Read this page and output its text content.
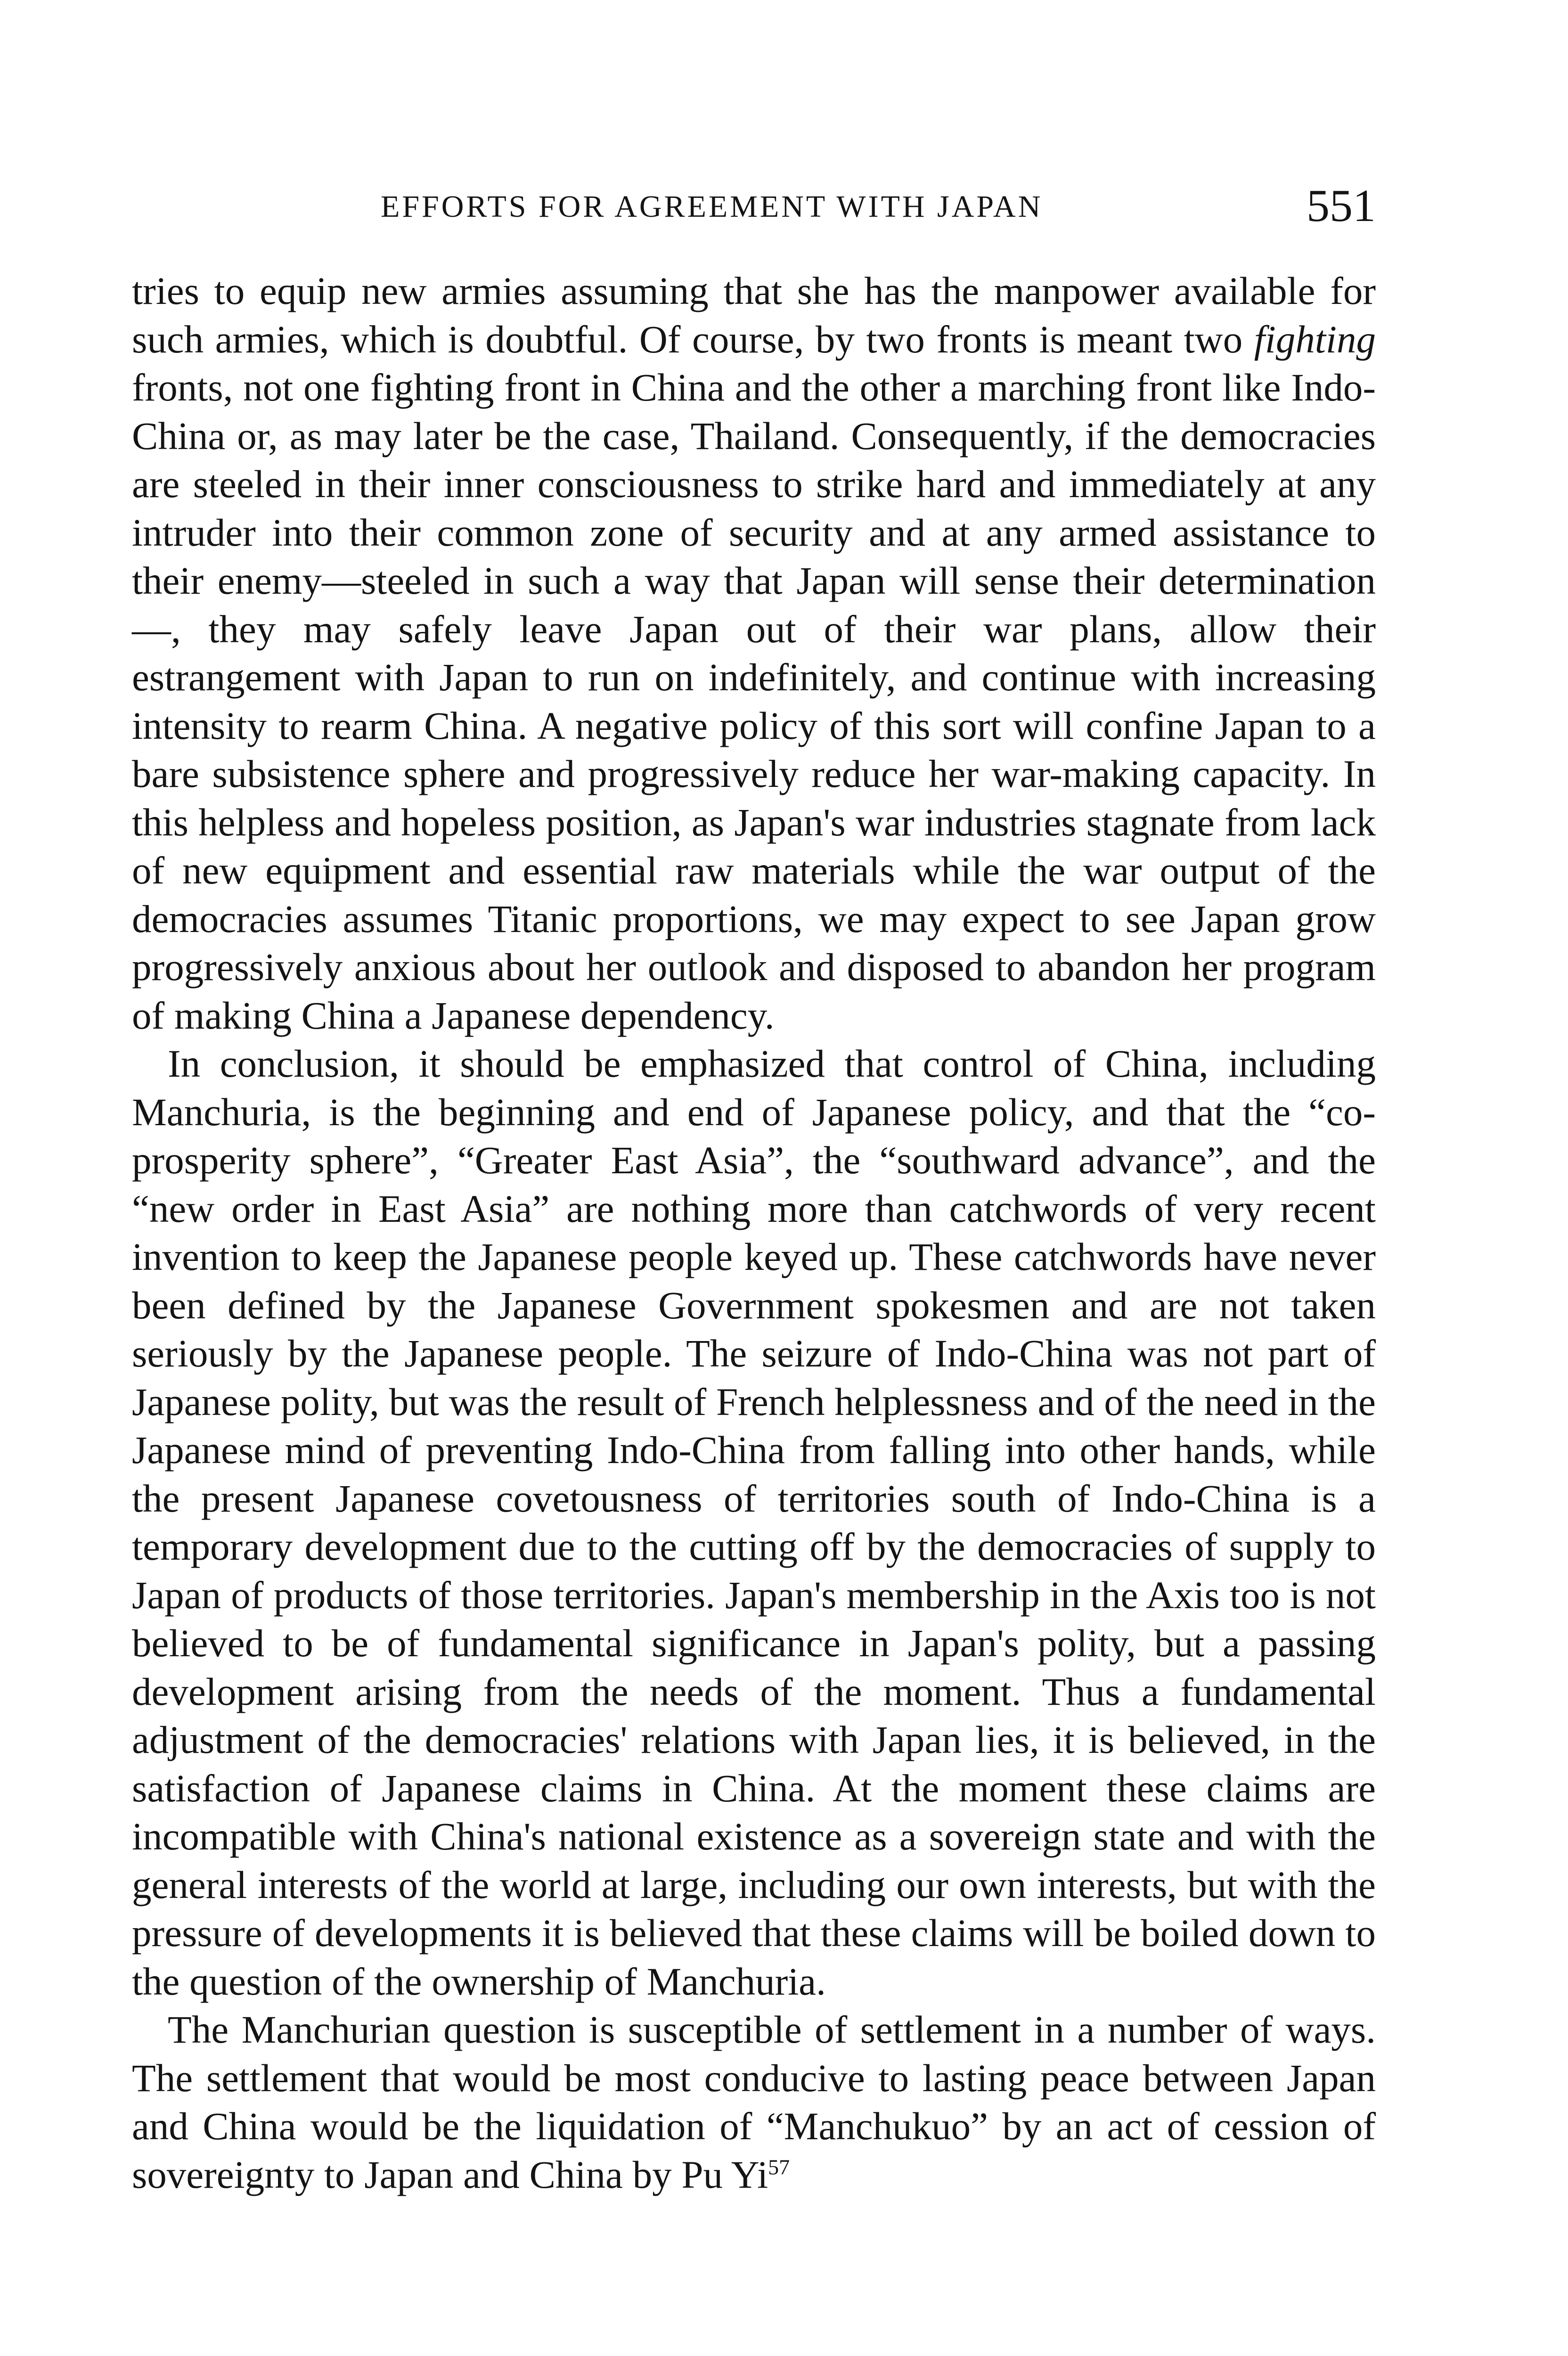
EFFORTS FOR AGREEMENT WITH JAPAN	551

tries to equip new armies assuming that she has the manpower available for such armies, which is doubtful. Of course, by two fronts is meant two fighting fronts, not one fighting front in China and the other a marching front like Indo-China or, as may later be the case, Thailand. Consequently, if the democracies are steeled in their inner consciousness to strike hard and immediately at any intruder into their common zone of security and at any armed assistance to their enemy—steeled in such a way that Japan will sense their determination—, they may safely leave Japan out of their war plans, allow their estrangement with Japan to run on indefinitely, and continue with increasing intensity to rearm China. A negative policy of this sort will confine Japan to a bare subsistence sphere and progressively reduce her war-making capacity. In this helpless and hopeless position, as Japan's war industries stagnate from lack of new equipment and essential raw materials while the war output of the democracies assumes Titanic proportions, we may expect to see Japan grow progressively anxious about her outlook and disposed to abandon her program of making China a Japanese dependency.

In conclusion, it should be emphasized that control of China, including Manchuria, is the beginning and end of Japanese policy, and that the “co-prosperity sphere”, “Greater East Asia”, the “southward advance”, and the “new order in East Asia” are nothing more than catchwords of very recent invention to keep the Japanese people keyed up. These catchwords have never been defined by the Japanese Government spokesmen and are not taken seriously by the Japanese people. The seizure of Indo-China was not part of Japanese polity, but was the result of French helplessness and of the need in the Japanese mind of preventing Indo-China from falling into other hands, while the present Japanese covetousness of territories south of Indo-China is a temporary development due to the cutting off by the democracies of supply to Japan of products of those territories. Japan's membership in the Axis too is not believed to be of fundamental significance in Japan's polity, but a passing development arising from the needs of the moment. Thus a fundamental adjustment of the democracies' relations with Japan lies, it is believed, in the satisfaction of Japanese claims in China. At the moment these claims are incompatible with China's national existence as a sovereign state and with the general interests of the world at large, including our own interests, but with the pressure of developments it is believed that these claims will be boiled down to the question of the ownership of Manchuria.

The Manchurian question is susceptible of settlement in a number of ways. The settlement that would be most conducive to lasting peace between Japan and China would be the liquidation of “Manchukuo” by an act of cession of sovereignty to Japan and China by Pu Yi$^{57}$
